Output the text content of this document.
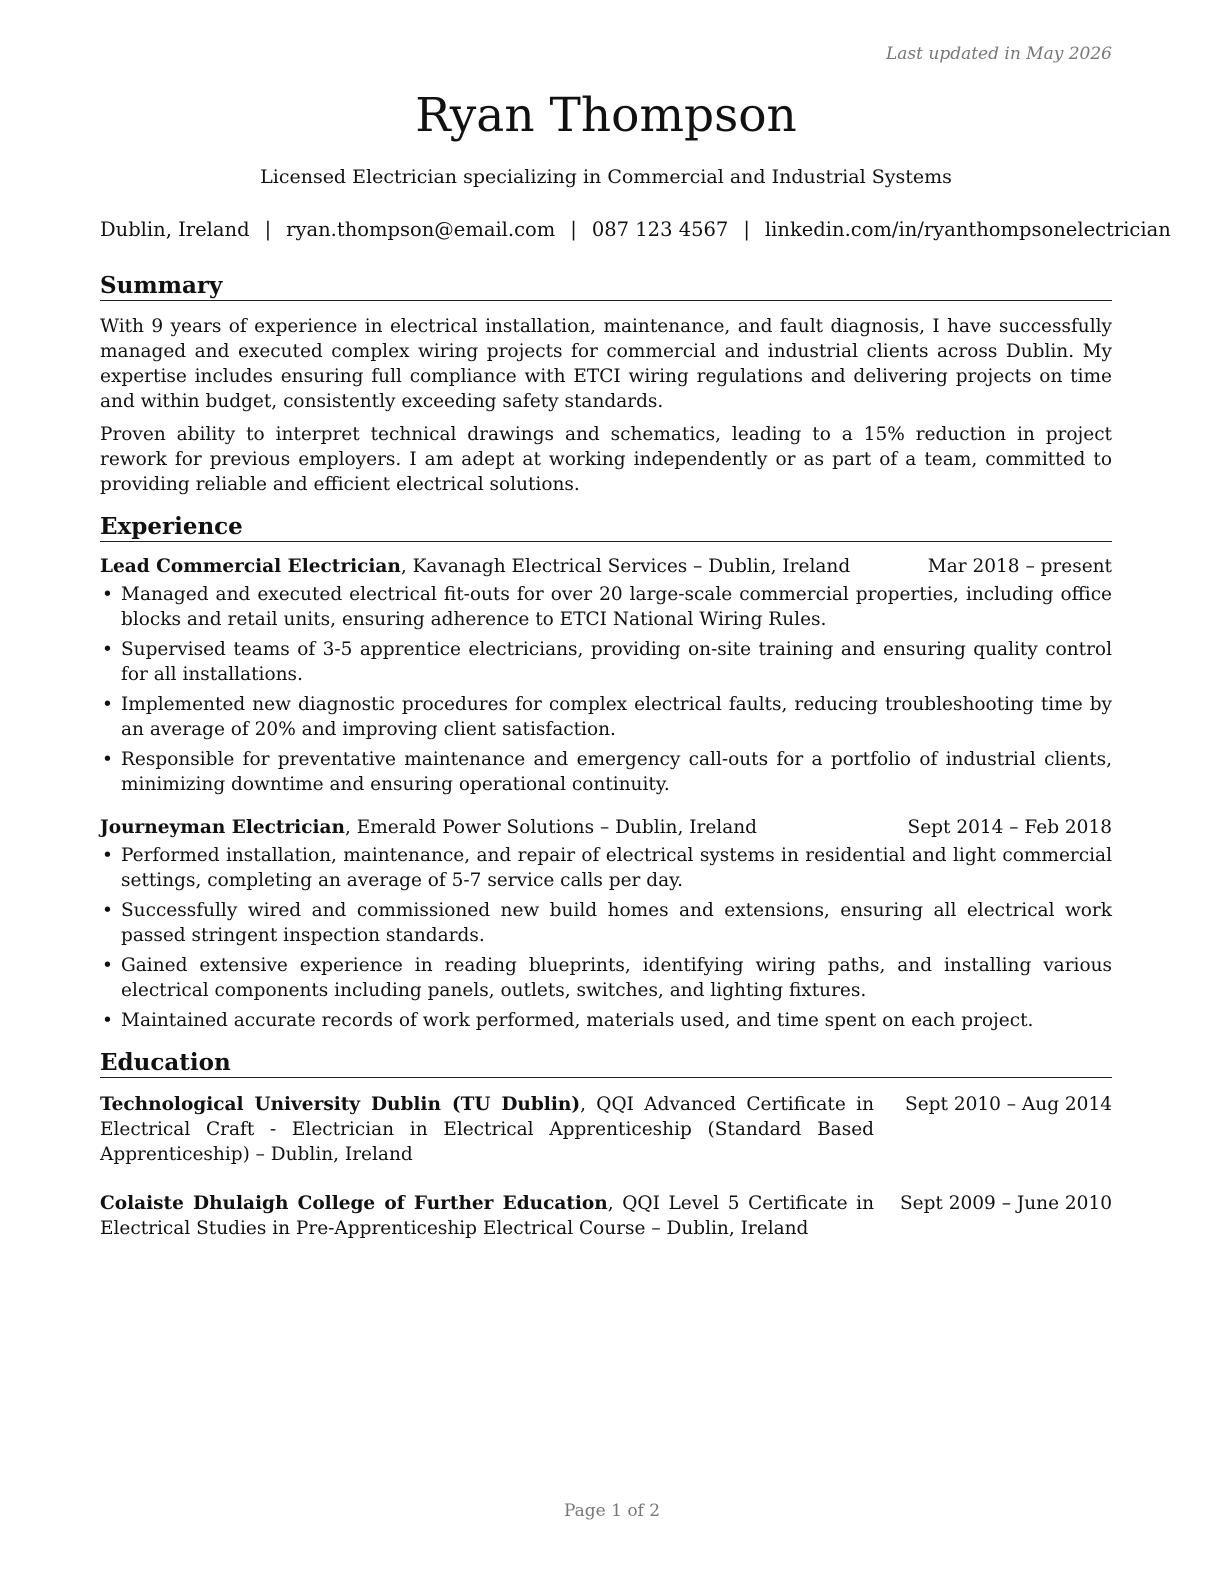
Last updated in May 2026
Ryan Thompson
Licensed Electrician specializing in Commercial and Industrial Systems
Dublin, Ireland | ryan.thompson@email.com | 087 123 4567 | linkedin.com/in/ryanthompsonelectrician
Summary

With 9 years of experience in electrical installation, maintenance, and fault diagnosis, I have successfully managed and executed complex wiring projects for commercial and industrial clients across Dublin. My expertise includes ensuring full compliance with ETCI wiring regulations and delivering projects on time and within budget, consistently exceeding safety standards.

Proven ability to interpret technical drawings and schematics, leading to a 15% reduction in project rework for previous employers. I am adept at working independently or as part of a team, committed to providing reliable and efficient electrical solutions.

Experience
Lead Commercial Electrician, Kavanagh Electrical Services – Dublin, Ireland	Mar 2018 – present
• Managed and executed electrical fit-outs for over 20 large-scale commercial properties, including office blocks and retail units, ensuring adherence to ETCI National Wiring Rules.
• Supervised teams of 3-5 apprentice electricians, providing on-site training and ensuring quality control for all installations.
• Implemented new diagnostic procedures for complex electrical faults, reducing troubleshooting time by an average of 20% and improving client satisfaction.
• Responsible for preventative maintenance and emergency call-outs for a portfolio of industrial clients, minimizing downtime and ensuring operational continuity.
Journeyman Electrician, Emerald Power Solutions – Dublin, Ireland	Sept 2014 – Feb 2018
• Performed installation, maintenance, and repair of electrical systems in residential and light commercial settings, completing an average of 5-7 service calls per day.
• Successfully wired and commissioned new build homes and extensions, ensuring all electrical work passed stringent inspection standards.
• Gained extensive experience in reading blueprints, identifying wiring paths, and installing various electrical components including panels, outlets, switches, and lighting fixtures.
• Maintained accurate records of work performed, materials used, and time spent on each project.
Education
Technological University Dublin (TU Dublin), QQI Advanced Certificate in Electrical Craft - Electrician in Electrical Apprenticeship (Standard Based Apprenticeship) – Dublin, Ireland
Sept 2010 – Aug 2014
Colaiste Dhulaigh College of Further Education, QQI Level 5 Certificate in Electrical Studies in Pre-Apprenticeship Electrical Course – Dublin, Ireland
Sept 2009 – June 2010
Page 1 of 2
